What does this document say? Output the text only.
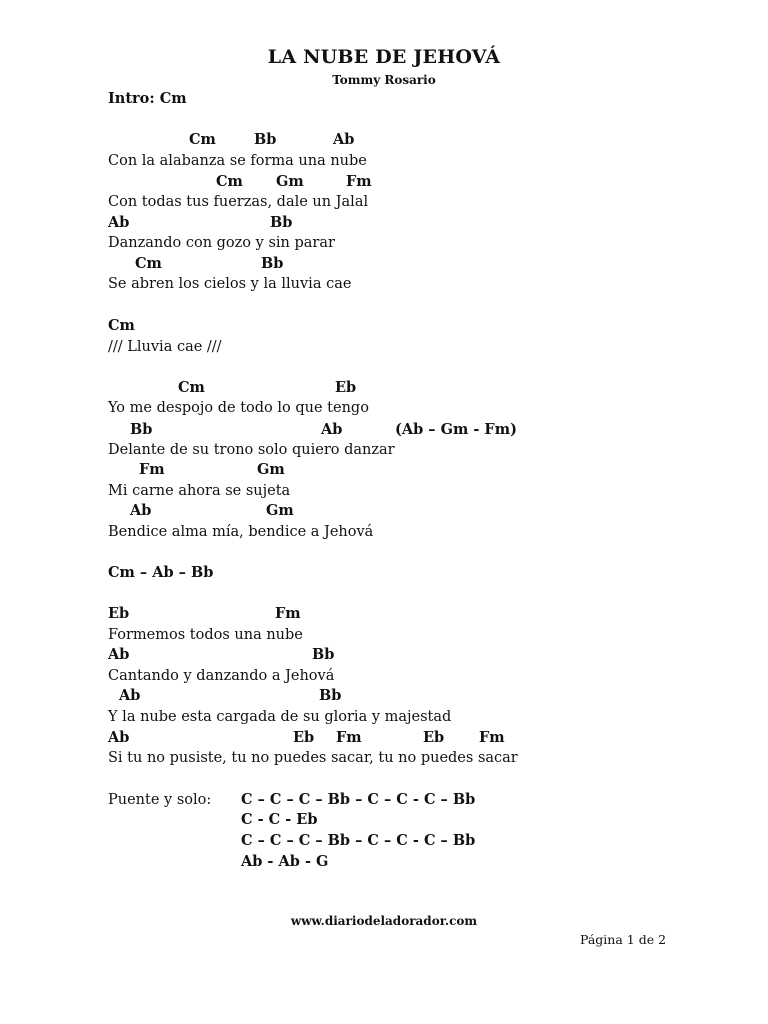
LA NUBE DE JEHOVÁ
Tommy Rosario
Intro: Cm

Cm

	Bb

	Ab

Con la alabanza se forma una nube

Cm

Gm

	Fm

Con todas tus fuerzas, dale un Jalal

Ab

	Bb

Danzando con gozo y sin parar

Cm

	Bb

Se abren los cielos y la lluvia cae
Cm
/// Lluvia cae ///

Cm

	Eb

Yo me despojo de todo lo que tengo

Bb

	Ab

	(Ab – Gm - Fm)

Delante de su trono solo quiero danzar

Fm

	Gm

Mi carne ahora se sujeta

Ab

	Gm

Bendice alma mía, bendice a Jehová
Cm – Ab – Bb

Eb

	Fm

Formemos todos una nube

Ab

	Bb

Cantando y danzando a Jehová

Ab

	Bb

Y la nube esta cargada de su gloria y majestad

Ab

	Eb

Fm

	Eb

Fm

Si tu no pusiste, tu no puedes sacar, tu no puedes sacar
Puente y solo: C – C – C – Bb – C – C - C – Bb
C - C - Eb
C – C – C – Bb – C – C - C – Bb
Ab - Ab - G
www.diariodeladorador.com
Página 1 de 2
